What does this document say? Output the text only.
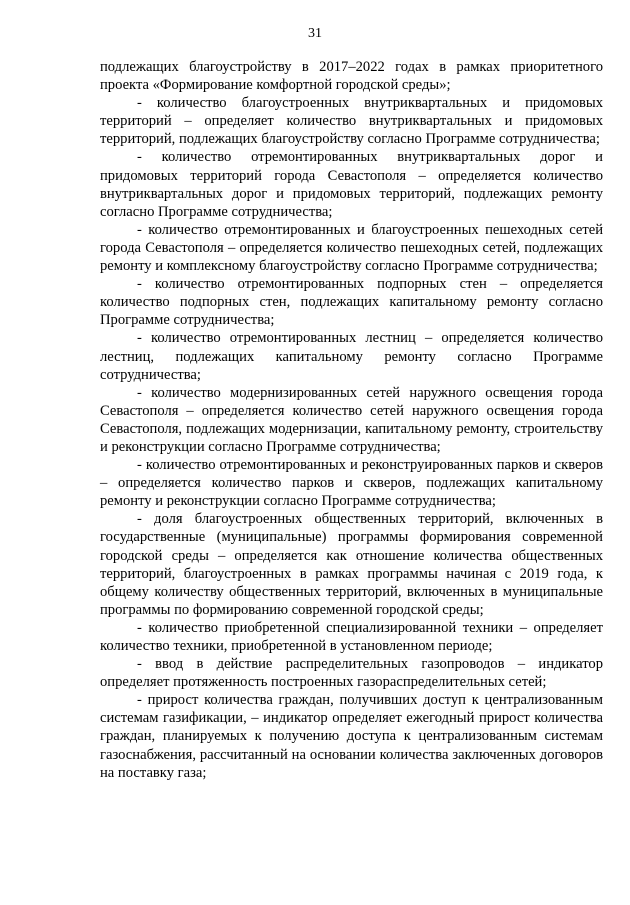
31

подлежащих благоустройству в 2017–2022 годах в рамках приоритетного проекта «Формирование комфортной городской среды»;

- количество благоустроенных внутриквартальных и придомовых территорий – определяет количество внутриквартальных и придомовых территорий, подлежащих благоустройству согласно Программе сотрудничества;

- количество отремонтированных внутриквартальных дорог и придомовых территорий города Севастополя – определяется количество внутриквартальных дорог и придомовых территорий, подлежащих ремонту согласно Программе сотрудничества;

- количество отремонтированных и благоустроенных пешеходных сетей города Севастополя – определяется количество пешеходных сетей, подлежащих ремонту и комплексному благоустройству согласно Программе сотрудничества;

- количество отремонтированных подпорных стен – определяется количество подпорных стен, подлежащих капитальному ремонту согласно Программе сотрудничества;

- количество отремонтированных лестниц – определяется количество лестниц, подлежащих капитальному ремонту согласно Программе сотрудничества;

- количество модернизированных сетей наружного освещения города Севастополя – определяется количество сетей наружного освещения города Севастополя, подлежащих модернизации, капитальному ремонту, строительству и реконструкции согласно Программе сотрудничества;

- количество отремонтированных и реконструированных парков и скверов – определяется количество парков и скверов, подлежащих капитальному ремонту и реконструкции согласно Программе сотрудничества;

- доля благоустроенных общественных территорий, включенных в государственные (муниципальные) программы формирования современной городской среды – определяется как отношение количества общественных территорий, благоустроенных в рамках программы начиная с 2019 года, к общему количеству общественных территорий, включенных в муниципальные программы по формированию современной городской среды;

- количество приобретенной специализированной техники – определяет количество техники, приобретенной в установленном периоде;

- ввод в действие распределительных газопроводов – индикатор определяет протяженность построенных газораспределительных сетей;

- прирост количества граждан, получивших доступ к централизованным системам газификации, – индикатор определяет ежегодный прирост количества граждан, планируемых к получению доступа к централизованным системам газоснабжения, рассчитанный на основании количества заключенных договоров на поставку газа;
